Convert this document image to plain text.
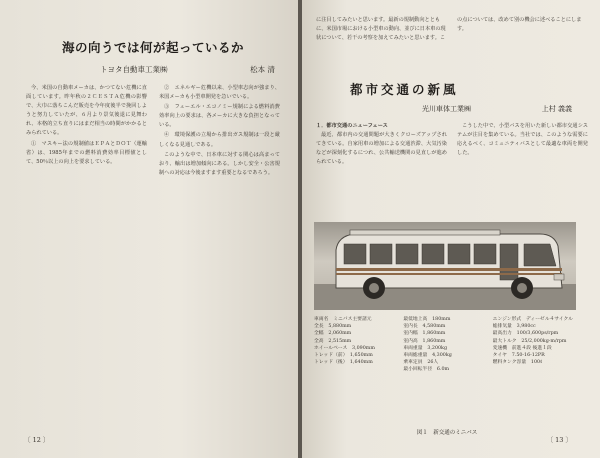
海の向うでは何が起っているか
トヨタ自動車工業㈱	松本 清

今、米国の自動車メーカは、かつてない危機に直面しています。昨年秋の２ＣＥＳＴＡ危機の影響で、大巾に落ちこんだ販売を今年度後半で挽回しようと努力していたが、６月より景気後退に見舞われ、本格的立ち直りにはまだ相当の時間がかかるとみられている。

①　マスキー法の規制値はＥＰＡとＤＯＴ（運輸省）は、1985年までの燃料消費効率目標値として、50％以上の向上を要求している。

②　エネルギー危機以来、小型車志向が強まり、米国メーカも小型車開発を急いでいる。

③　フューエル・エコノミー規制による燃料消費効率向上の要求は、各メーカに大きな負担となっている。

④　環境保護の立場から排出ガス規制は一段と厳しくなる見通しである。

このような中で、日本車に対する関心は高まっており、輸出は増加傾向にある。しかし安全・公害規制への対応は今後ますます重要となるであろう。

〔 12 〕
に注目してみたいと思います。最新の規制動向とともに、米国市場における小型車の動向、並びに日本車の現状について、若干の考察を加えてみたいと思います。この点については、改めて別の機会に述べることにします。
都市交通の新風
光川車体工業㈱	上村 義義

１．都市交通のニューフェース

最近、都市内の交通問題が大きくクローズアップされてきている。自家用車の増加による交通渋滞、大気汚染などが深刻化するにつれ、公共輸送機関の見直しが進められている。

こうした中で、小型バスを用いた新しい都市交通システムが注目を集めている。当社では、このような需要に応えるべく、コミュニティバスとして最適な車両を開発した。

車両名　ミニバス主要諸元
全長　5,880mm
全幅　2,060mm
全高　2,515mm
ホイールベース　3,090mm
トレッド（前）　1,650mm
トレッド（後）　1,640mm
最低地上高　180mm
室内長　4,580mm
室内幅　1,860mm
室内高　1,860mm
車両重量　3,200kg
車両総重量　4,300kg
乗車定員　26人
最小回転半径　6.0m
エンジン形式　ディーゼル４サイクル
総排気量　3,980cc
最高出力　100/3,600ps/rpm
最大トルク　25/2,000kg-m/rpm
変速機　前進４段 後進１段
タイヤ　7.50-16-12PR
燃料タンク容量　100ℓ
図１　新交通のミニバス
〔 13 〕
